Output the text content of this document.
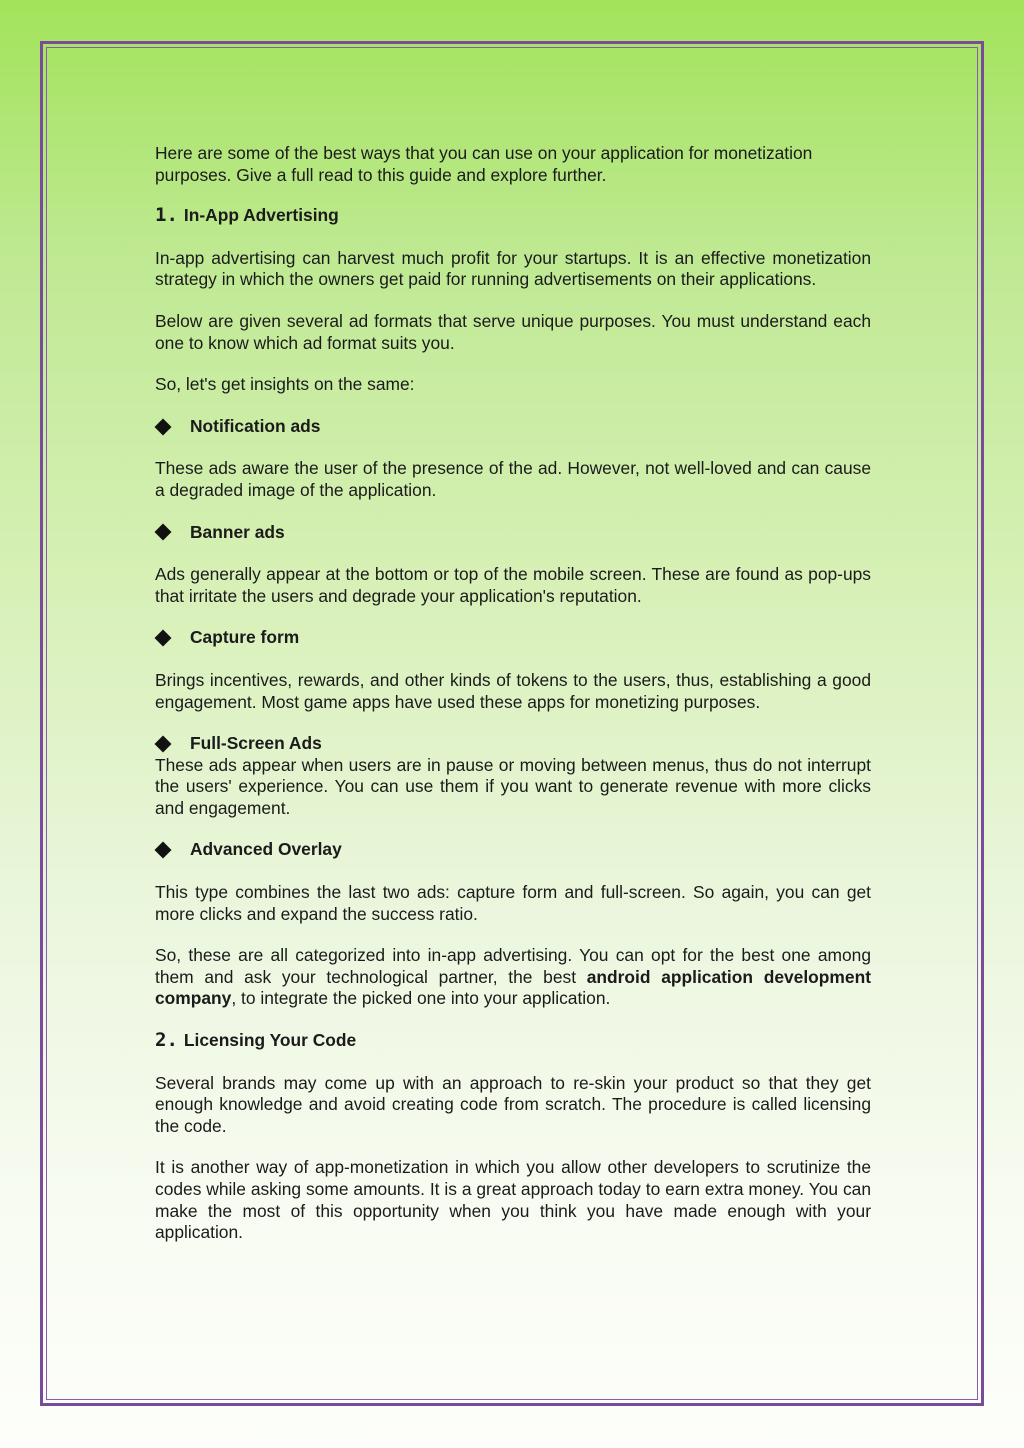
Here are some of the best ways that you can use on your application for monetization purposes. Give a full read to this guide and explore further.

1. In-App Advertising

In-app advertising can harvest much profit for your startups. It is an effective monetization strategy in which the owners get paid for running advertisements on their applications.

Below are given several ad formats that serve unique purposes. You must understand each one to know which ad format suits you.

So, let's get insights on the same:

Notification ads

These ads aware the user of the presence of the ad. However, not well-loved and can cause a degraded image of the application.

Banner ads

Ads generally appear at the bottom or top of the mobile screen. These are found as pop-ups that irritate the users and degrade your application's reputation.

Capture form

Brings incentives, rewards, and other kinds of tokens to the users, thus, establishing a good engagement. Most game apps have used these apps for monetizing purposes.

Full-Screen Ads

These ads appear when users are in pause or moving between menus, thus do not interrupt the users' experience. You can use them if you want to generate revenue with more clicks and engagement.

Advanced Overlay

This type combines the last two ads: capture form and full-screen. So again, you can get more clicks and expand the success ratio.

So, these are all categorized into in-app advertising. You can opt for the best one among them and ask your technological partner, the best android application development company, to integrate the picked one into your application.

2. Licensing Your Code

Several brands may come up with an approach to re-skin your product so that they get enough knowledge and avoid creating code from scratch. The procedure is called licensing the code.

It is another way of app-monetization in which you allow other developers to scrutinize the codes while asking some amounts. It is a great approach today to earn extra money. You can make the most of this opportunity when you think you have made enough with your application.
